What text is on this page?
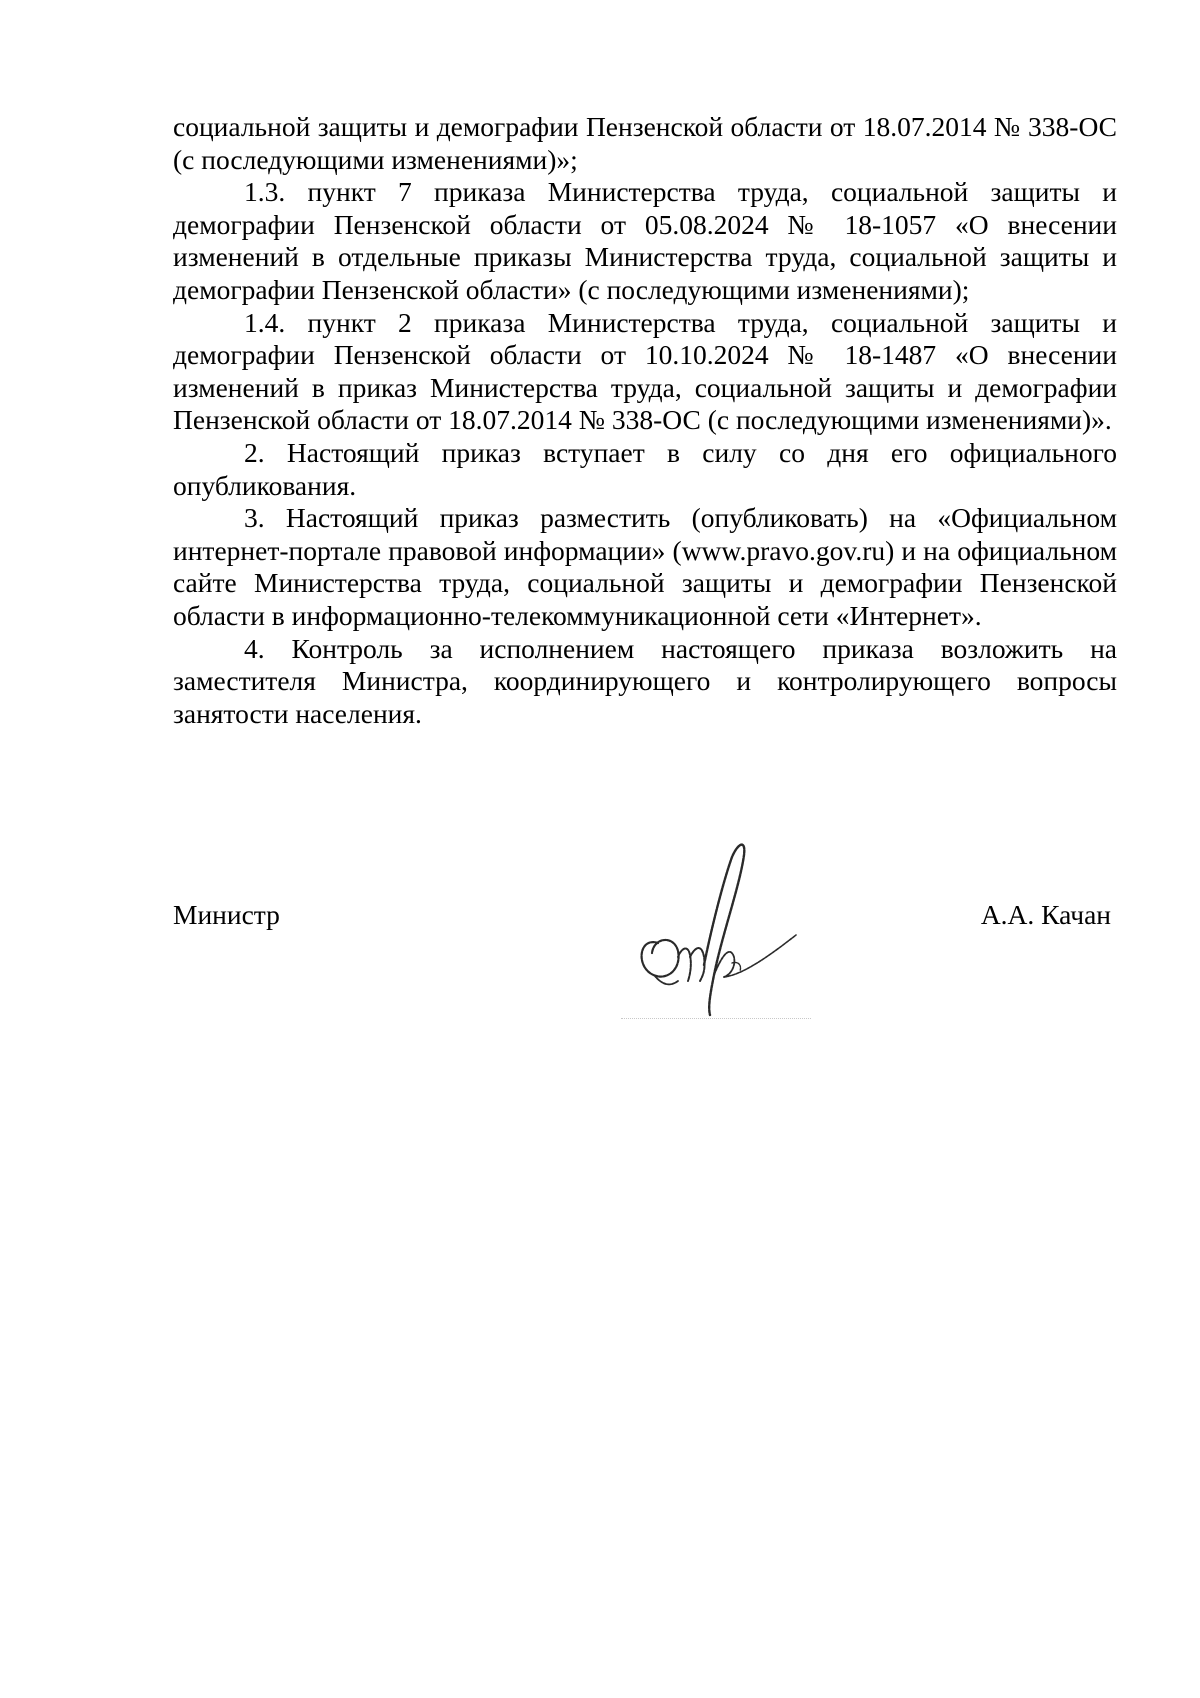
социальной защиты и демографии Пензенской области от 18.07.2014 № 338-ОС (с последующими изменениями)»;

1.3. пункт 7 приказа Министерства труда, социальной защиты и демографии Пензенской области от 05.08.2024 № 18-1057 «О внесении изменений в отдельные приказы Министерства труда, социальной защиты и демографии Пензенской области» (с последующими изменениями);

1.4. пункт 2 приказа Министерства труда, социальной защиты и демографии Пензенской области от 10.10.2024 № 18-1487 «О внесении изменений в приказ Министерства труда, социальной защиты и демографии Пензенской области от 18.07.2014 № 338-ОС (с последующими изменениями)».

2. Настоящий приказ вступает в силу со дня его официального опубликования.

3. Настоящий приказ разместить (опубликовать) на «Официальном интернет-портале правовой информации» (www.pravo.gov.ru) и на официальном сайте Министерства труда, социальной защиты и демографии Пензенской области в информационно-телекоммуникационной сети «Интернет».

4. Контроль за исполнением настоящего приказа возложить на заместителя Министра, координирующего и контролирующего вопросы занятости населения.

Министр	А.А. Качан
